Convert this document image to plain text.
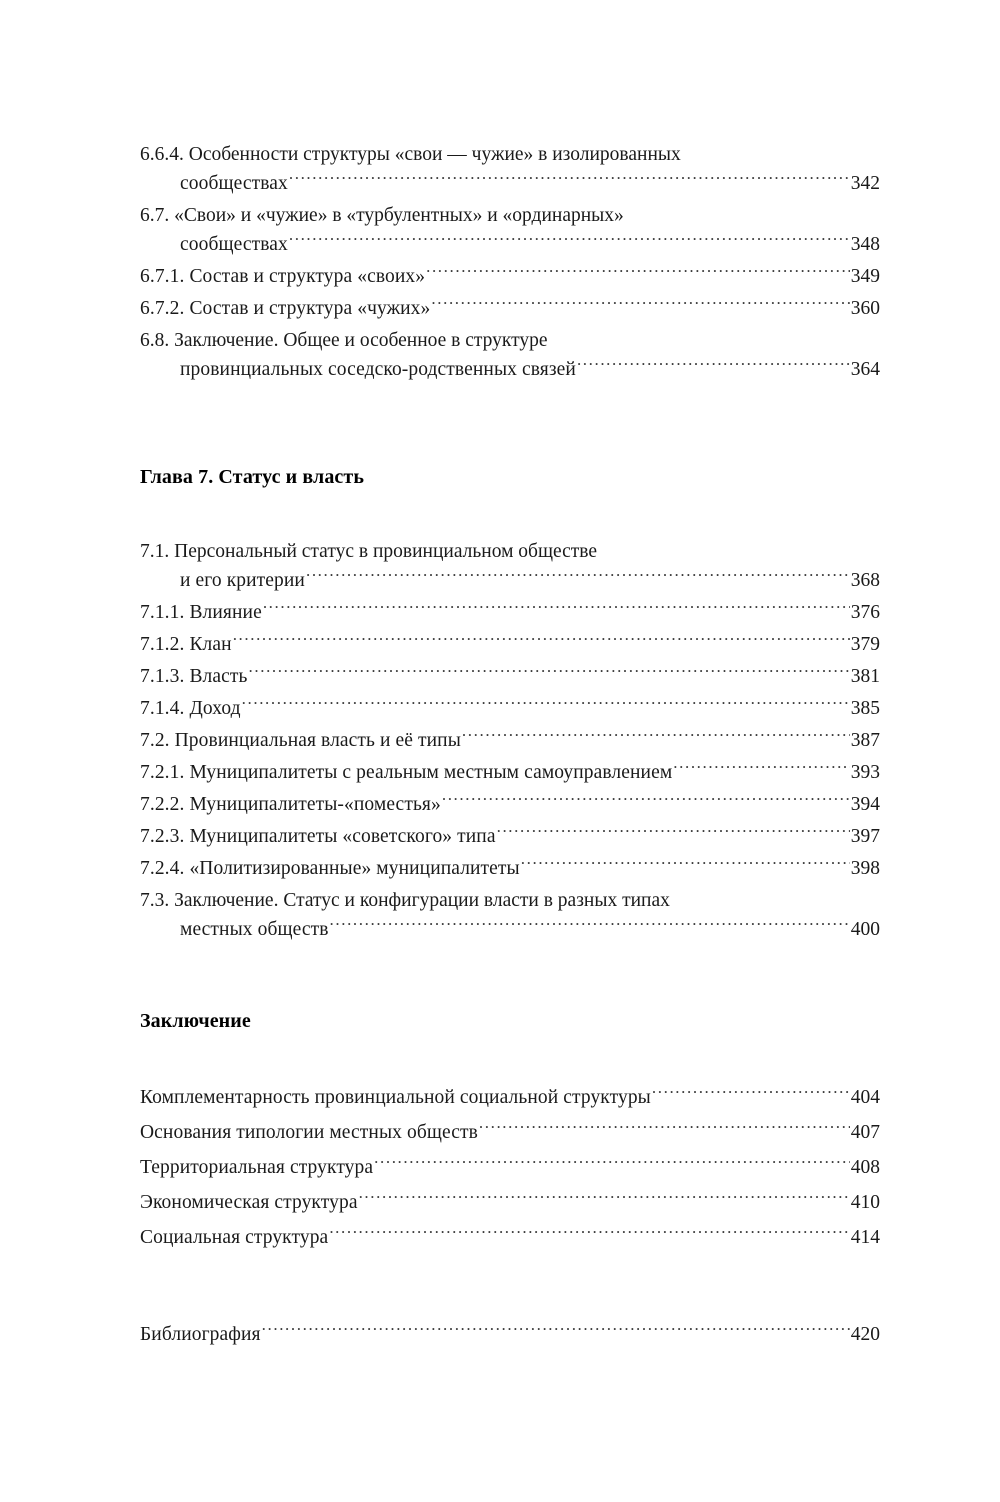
6.6.4. Особенности структуры «свои — чужие» в изолированных
сообществах .....	342
6.7. «Свои» и «чужие» в «турбулентных» и «ординарных»
сообществах .....	348
6.7.1. Состав и структура «своих» .....	349
6.7.2. Состав и структура «чужих» .....	360
6.8. Заключение. Общее и особенное в структуре
провинциальных соседско-родственных связей .....	364
Глава 7. Статус и власть
7.1. Персональный статус в провинциальном обществе
и его критерии .....	368
7.1.1. Влияние .....	376
7.1.2. Клан .....	379
7.1.3. Власть .....	381
7.1.4. Доход .....	385
7.2. Провинциальная власть и её типы .....	387
7.2.1. Муниципалитеты с реальным местным самоуправлением .....	393
7.2.2. Муниципалитеты-«поместья» .....	394
7.2.3. Муниципалитеты «советского» типа .....	397
7.2.4. «Политизированные» муниципалитеты .....	398
7.3. Заключение. Статус и конфигурации власти в разных типах
местных обществ .....	400
Заключение
Комплементарность провинциальной социальной структуры .....	404
Основания типологии местных обществ .....	407
Территориальная структура .....	408
Экономическая структура .....	410
Социальная структура .....	414
Библиография .....	420
